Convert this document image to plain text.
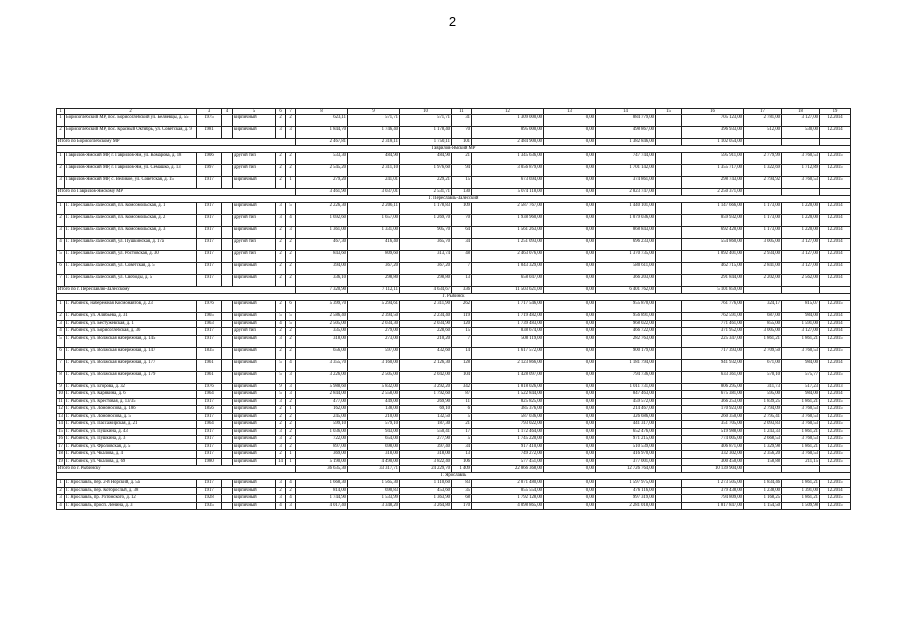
2
1	2	3	4	5	6	7	8	9	10	11	12	13	14	15	16	17	18	19
1	Борисоглебский МР, пос. Борисоглебский ул. Беляевцы, д. 55	1975		кирпичный	2	2	623,11	571,71	571,71	31	1 309 000,00	0,00	884 779,00		705 123,00	2 781,00	3 127,00	12.2014
2	Борисоглебский МР, пос. Красный Октябрь, ул. Советская, д. 9	1981		кирпичный	3	3	1 844,70	1 746,40	1 178,40	70	895 000,00	0,00	498 867,00		396 933,00	512,00	530,00	12.2014
Итого по Борисоглебскому МР							2 467,81	2 318,11	1 750,11	101	2 484 900,00	0,00	1 382 846,00		1 102 054,00			
Гаврилов-Ямский МР																		
1	Гаврилов-Ямский МР, г. Гаврилов-Ям, ул. Комарова, д. 18	1906		другой тип	2	2	533,30	484,90	484,90	21	1 345 636,00	0,00	747 744,00		595 911,00	2 779,99	3 760,53	12.2015
2	Гаврилов-Ямский МР, г. Гаврилов-Ям, ул. Семашко, д. 13	1997		другой тип	2	2	2 545,20	2 311,10	1 976,60	94	3 056 879,00	0,00	1 701 142,00		1 355 717,00	1 322,69	1 712,89	12.2015
3	Гаврилов-Ямский МР, с. Великое, ул. Советская, д. 15	1917		кирпичный	2	1	279,20	241,01	229,21	15	673 694,00	0,00	374 861,00		298 743,00	2 794,92	3 760,53	12.2015
Итого по Гаврилов-Ямскому МР							3 461,90	3 037,01	2 531,71	130	5 074 118,00	0,00	2 823 747,00		2 250 371,00			
Г. Переславль-Залесский																		
1	Г. Переславль-Залесский, пл. Комсомольская, д. 1	1917		кирпичный	3	5	2 226,30	2 206,11	1 178,83	109	2 587 767,00	0,00	1 440 101,00		1 147 666,00	1 173,00	1 220,00	12.2014
2	Г. Переславль-Залесский, пл. Комсомольская, д. 2	1917		другой тип	3	4	1 692,60	1 657,00	1 269,70	70	1 938 960,00	0,00	1 079 036,00		859 932,00	1 173,00	1 220,00	12.2014
3	Г. Переславль-Залесский, пл. Комсомольская, д. 3	1917		кирпичный	2	3	1 361,00	1 331,00	905,70	64	1 561 263,00	0,00	868 843,00		692 420,00	1 173,00	1 220,00	12.2014
4	Г. Переславль-Залесский, ул. Пушкинская, д. 17а	1917		другой тип	2	2	467,30	416,40	365,70	34	1 251 093,00	0,00	696 233,00		554 860,00	3 005,00	3 127,00	12.2014
5	Г. Переславль-Залесский, ул. Ростовская, д. 30	1917		другой тип	2	2	843,60	809,60	313,74	48	2 463 076,00	0,00	1 370 735,00		1 092 401,00	2 934,00	3 127,00	12.2014
6	Г. Переславль-Залесский, ул. Советская, д. 5	1917		кирпичный	2	2	394,00	367,20	367,20	7	1 043 329,00	0,00	580 611,00		462 715,00	2 841,00	3 127,00	12.2014
7	Г. Переславль-Залесский, ул. Свободы, д. 5	1917		кирпичный	2	2	336,10	298,80	298,80	13	658 047,00	0,00	366 203,00		291 844,00	2 202,00	2 562,00	12.2014
Итого по г. Переславлю-Залесскому							7 320,90	7 112,11	4 634,67	336	11 503 621,00	0,00	6 401 762,00		5 101 859,00			
Г. Рыбинск																		
1	Г. Рыбинск, набережная Космонавтов, д. 23	1976		кирпичный	2	6	5 399,70	5 294,61	2 311,90	262	1 717 546,00	0,00	955 870,00		761 776,00	324,17	815,07	12.2015
2	Г. Рыбинск, ул. Алябьева, д. 31	1965		кирпичный	5	5	2 586,40	2 394,50	2 234,40	119	1 719 482,00	0,00	956 891,00		762 591,00	687,00	984,00	12.2014
3	Г. Рыбинск, ул. Бестужевская, д. 1	1963		кирпичный	4	5	2 505,00	2 034,30	2 034,90	120	1 739 483,00	0,00	968 022,00		771 461,00	855,00	1 591,00	12.2014
4	Г. Рыбинск, ул. Борисоглебская, д. 36	1917		другой тип	2	2	335,00	279,00	228,60	15	838 674,00	0,00	466 722,00		371 952,00	3 005,00	3 127,00	12.2014
5	Г. Рыбинск, ул. Волжская набережная, д. 145	1917		кирпичный	3	2	318,00	273,00	210,20	7	508 119,00	0,00	282 763,00		225 347,00	1 861,21	1 861,21	12.2015
6	Г. Рыбинск, ул. Волжская набережная, д. 147	1835		кирпичный	2	2	656,00	597,00	432,60	14	1 617 572,00	0,00	900 179,00		717 393,00	2 709,50	3 760,53	12.2015
7	Г. Рыбинск, ул. Волжская набережная, д. 177	1961		кирпичный	5	4	3 355,70	3 160,00	2 126,30	128	2 123 866,00	0,00	1 181 794,00		941 932,00	671,00	984,00	12.2014
8	Г. Рыбинск, ул. Волжская набережная, д. 179	1961		кирпичный	5	3	3 226,00	2 505,00	2 042,00	104	1 428 097,00	0,00	794 736,00		633 361,00	570,10	575,77	12.2015
9	Г. Рыбинск, ул. Егорова, д. 32	1976		кирпичный	9	3	5 988,60	5 832,00	3 292,20	342	1 818 026,00	0,00	1 011 731,00		806 295,00	311,73	517,23	12.2013
10	Г. Рыбинск, ул. Карякина, д. 6	1964		кирпичный	5	3	2 844,00	2 558,00	1 792,60	87	1 522 844,00	0,00	847 463,00		675 381,00	595,00	984,00	12.2014
11	Г. Рыбинск, ул. Крестовая, д. 13/35	1917		кирпичный	3	2	477,00	449,00	269,90	11	825 825,00	0,00	459 572,00		366 253,00	1 839,25	1 861,21	12.2015
12	Г. Рыбинск, ул. Ломоносова, д. 18б	1856		кирпичный	2	1	162,00	138,00	69,10	6	385 376,00	0,00	214 467,00		170 923,00	2 794,09	3 760,53	12.2015
13	Г. Рыбинск, ул. Ломоносова, д. 5	1917		кирпичный	2	2	245,00	210,00	132,50	5	587 036,00	0,00	326 686,00		260 350,00	2 795,41	3 760,53	12.2015
14	Г. Рыбинск, ул. Пассажирская, д. 21	1964		кирпичный	2	2	599,10	579,10	187,30	21	793 022,00	0,00	441 317,00		351 705,00	2 093,83	3 760,53	12.2015
15	Г. Рыбинск, ул. Пушкина, д. 43	1917		кирпичный	3	2	1 036,00	943,00	550,41	17	1 172 464,00	0,00	652 476,00		519 988,00	1 243,33	1 861,21	12.2015
16	Г. Рыбинск, ул. Пушкина, д. 3	1917		кирпичный	3	2	722,00	654,00	277,90	5	1 745 220,00	0,00	971 215,00		774 005,00	2 668,53	3 760,53	12.2015
17	Г. Рыбинск, ул. Фроловская, д. 5	1917		кирпичный	3	2	897,00	698,00	397,40	34	917 410,00	0,00	510 539,00		406 871,00	1 329,98	1 861,21	12.2015
18	Г. Рыбинск, ул. Чкалова, д. 4	1917		кирпичный	2	1	369,00	318,00	318,00	13	749 272,00	0,00	416 970,00		332 302,00	2 356,20	3 760,53	12.2015
19	Г. Рыбинск, ул. Чкалова, д. 69	1980		кирпичный	14	1	5 190,00	4 490,00	3 822,40	106	577 451,00	0,00	377 001,00		300 450,00	158,88	211,15	12.2015
Итого по г. Рыбинску							36 635,30	33 317,71	24 229,70	1 409	22 866 368,00	0,00	12 726 764,00		10 139 904,00			
Г. Ярославль																		
1	Г. Ярославль, пер. 2-й Норский, д. 5а	1917		кирпичный	3	4	1 668,30	1 565,30	1 110,60	83	2 871 480,00	0,00	1 597 975,00		1 273 505,00	1 834,46	1 861,21	12.2015
2	Г. Ярославль, пер. Которосльй, д. 38	1917		кирпичный	2	2	814,00	690,83	453,60	35	855 554,00	0,00	476 116,00		379 438,00	1 238,00	1 391,00	12.2014
3	Г. Ярославль, пр. Ухтомского, д. 12	1928		кирпичный	3	4	1 744,90	1 533,99	1 363,90	68	1 792 128,00	0,00	997 319,00		794 809,00	1 168,25	1 861,21	12.2015
4	Г. Ярославль, просп. Ленина, д. 3	1935		кирпичный	4	3	4 017,40	3 348,20	3 264,80	170	4 098 865,00	0,00	2 281 018,00		1 817 847,00	1 154,50	1 509,98	12.2015
